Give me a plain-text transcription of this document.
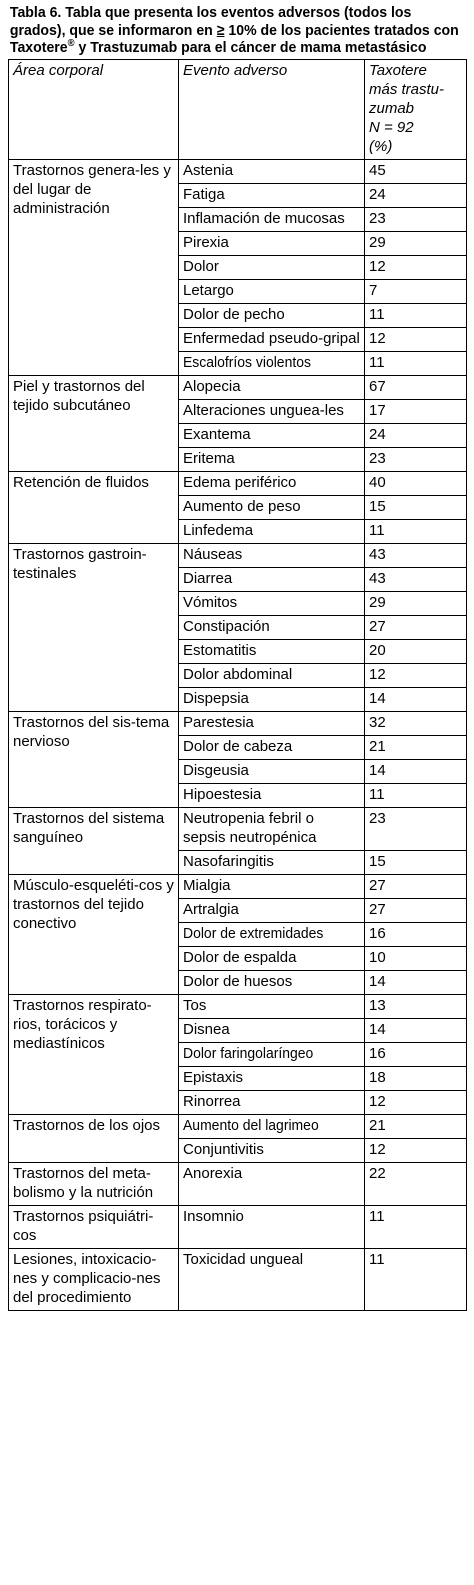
Tabla 6. Tabla que presenta los eventos adversos (todos los grados), que se informaron en ≥ 10% de los pacientes tratados con Taxotere® y Trastuzumab para el cáncer de mama metastásico
Área corporal	Evento adverso	Taxotere
más trastu-
zumab
N = 92
(%)
Trastornos genera-les y del lugar de administración	Astenia	45
	Fatiga	24
	Inflamación de mucosas	23
	Pirexia	29
	Dolor	12
	Letargo	7
	Dolor de pecho	11
	Enfermedad pseudo-gripal	12
	Escalofríos violentos	11
Piel y trastornos del tejido subcutáneo	Alopecia	67
	Alteraciones unguea-les	17
	Exantema	24
	Eritema	23
Retención de fluidos	Edema periférico	40
	Aumento de peso	15
	Linfedema	11
Trastornos gastroin-testinales	Náuseas	43
	Diarrea	43
	Vómitos	29
	Constipación	27
	Estomatitis	20
	Dolor abdominal	12
	Dispepsia	14
Trastornos del sis-tema nervioso	Parestesia	32
	Dolor de cabeza	21
	Disgeusia	14
	Hipoestesia	11
Trastornos del sistema sanguíneo	Neutropenia febril o sepsis neutropénica	23
	Nasofaringitis	15
Músculo-esqueléti-cos y trastornos del tejido conectivo	Mialgia	27
	Artralgia	27
	Dolor de extremidades	16
	Dolor de espalda	10
	Dolor de huesos	14
Trastornos respirato-rios, torácicos y mediastínicos	Tos	13
	Disnea	14
	Dolor faringolaríngeo	16
	Epistaxis	18
	Rinorrea	12
Trastornos de los ojos	Aumento del lagrimeo	21
	Conjuntivitis	12
Trastornos del meta-bolismo y la nutrición	Anorexia	22
Trastornos psiquiátri-cos	Insomnio	11
Lesiones, intoxicacio-nes y complicacio-nes del procedimiento	Toxicidad ungueal	11
